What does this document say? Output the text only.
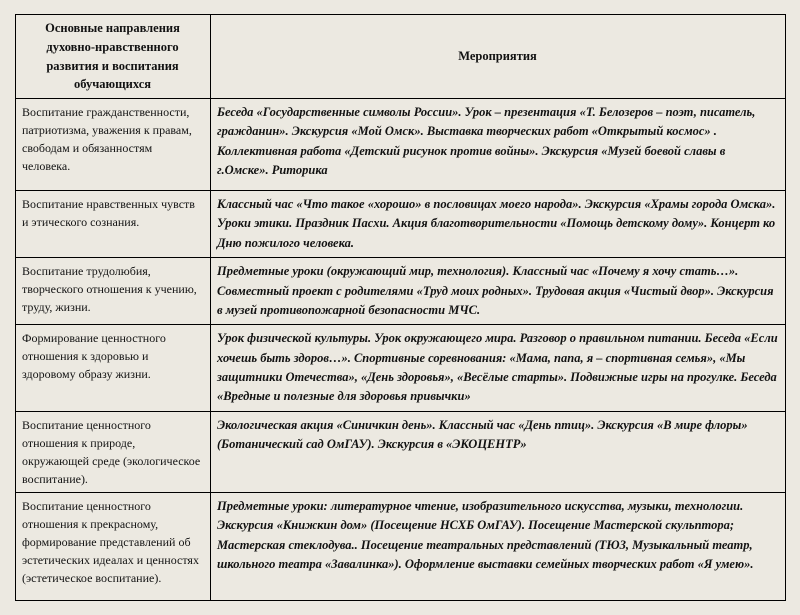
Основные направления духовно-нравственного развития и воспитания обучающихся	Мероприятия
Воспитание гражданственности, патриотизма, уважения к правам, свободам и обязанностям человека.	Беседа «Государственные символы России». Урок – презентация «Т. Белозеров – поэт, писатель, гражданин». Экскурсия «Мой Омск». Выставка творческих работ «Открытый космос» . Коллективная работа «Детский рисунок против войны». Экскурсия «Музей боевой славы в г.Омске». Риторика
Воспитание нравственных чувств и этического сознания.	Классный час «Что такое «хорошо» в пословицах моего народа». Экскурсия «Храмы города Омска». Уроки этики. Праздник Пасхи. Акция благотворительности «Помощь детскому дому». Концерт ко Дню пожилого человека.
Воспитание трудолюбия, творческого отношения к учению, труду, жизни.	Предметные уроки (окружающий мир, технология). Классный час «Почему я хочу стать…». Совместный проект с родителями «Труд моих родных». Трудовая акция «Чистый двор». Экскурсия в музей противопожарной безопасности МЧС.
Формирование ценностного отношения к здоровью и здоровому образу жизни.	Урок физической культуры. Урок окружающего мира. Разговор о правильном питании. Беседа «Если хочешь быть здоров…». Спортивные соревнования: «Мама, папа, я – спортивная семья», «Мы защитники Отечества», «День здоровья», «Весёлые старты». Подвижные игры на прогулке. Беседа «Вредные и полезные для здоровья привычки»
Воспитание ценностного отношения к природе, окружающей среде (экологическое воспитание).	Экологическая акция «Синичкин день». Классный час «День птиц». Экскурсия «В мире флоры» (Ботанический сад ОмГАУ). Экскурсия в «ЭКОЦЕНТР»
Воспитание ценностного отношения к прекрасному, формирование представлений об эстетических идеалах и ценностях (эстетическое воспитание).	Предметные уроки: литературное чтение, изобразительного искусства, музыки, технологии. Экскурсия «Книжкин дом» (Посещение НСХБ ОмГАУ). Посещение Мастерской скульптора; Мастерская стеклодува.. Посещение театральных представлений (ТЮЗ, Музыкальный театр, школьного театра «Завалинка»). Оформление выставки семейных творческих работ «Я умею».
